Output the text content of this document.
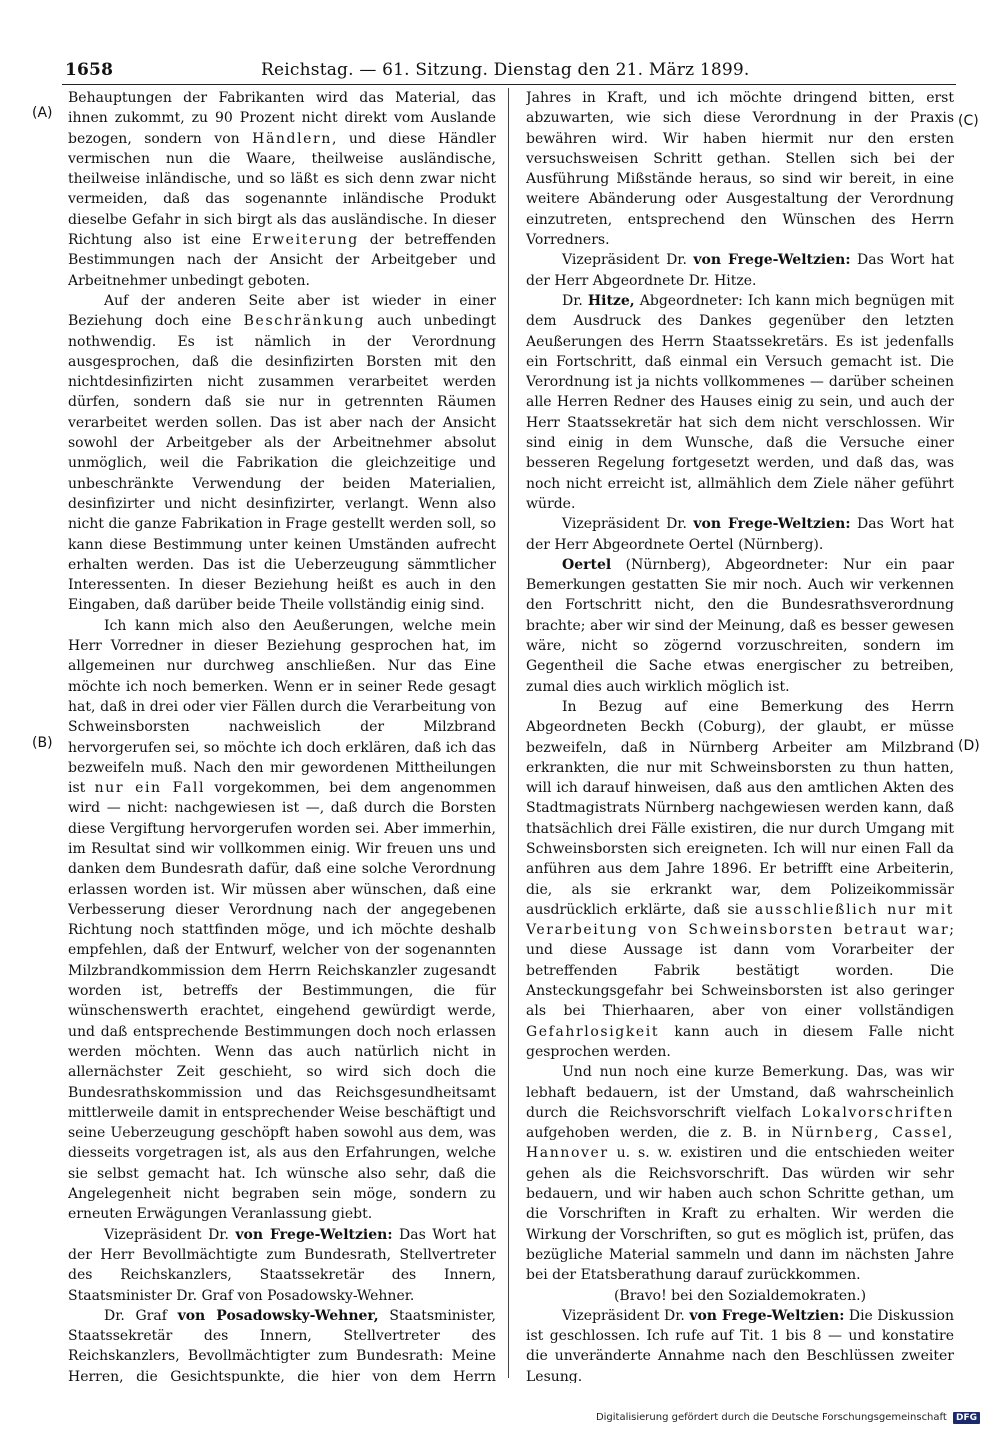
1658	Reichstag. — 61. Sitzung. Dienstag den 21. März 1899.
(A)
(B)
(C)
(D)

Behauptungen der Fabrikanten wird das Material, das ihnen zukommt, zu 90 Prozent nicht direkt vom Auslande bezogen, sondern von Händlern, und diese Händler vermischen nun die Waare, theilweise ausländische, theilweise inländische, und so läßt es sich denn zwar nicht vermeiden, daß das sogenannte inländische Produkt dieselbe Gefahr in sich birgt als das ausländische. In dieser Richtung also ist eine Erweiterung der betreffenden Bestimmungen nach der Ansicht der Arbeitgeber und Arbeitnehmer unbedingt geboten.

Auf der anderen Seite aber ist wieder in einer Beziehung doch eine Beschränkung auch unbedingt nothwendig. Es ist nämlich in der Verordnung ausgesprochen, daß die desinfizirten Borsten mit den nichtdesinfizirten nicht zusammen verarbeitet werden dürfen, sondern daß sie nur in getrennten Räumen verarbeitet werden sollen. Das ist aber nach der Ansicht sowohl der Arbeitgeber als der Arbeitnehmer absolut unmöglich, weil die Fabrikation die gleichzeitige und unbeschränkte Verwendung der beiden Materialien, desinfizirter und nicht desinfizirter, verlangt. Wenn also nicht die ganze Fabrikation in Frage gestellt werden soll, so kann diese Bestimmung unter keinen Umständen aufrecht erhalten werden. Das ist die Ueberzeugung sämmtlicher Interessenten. In dieser Beziehung heißt es auch in den Eingaben, daß darüber beide Theile vollständig einig sind.

Ich kann mich also den Aeußerungen, welche mein Herr Vorredner in dieser Beziehung gesprochen hat, im allgemeinen nur durchweg anschließen. Nur das Eine möchte ich noch bemerken. Wenn er in seiner Rede gesagt hat, daß in drei oder vier Fällen durch die Verarbeitung von Schweinsborsten nachweislich der Milzbrand hervorgerufen sei, so möchte ich doch erklären, daß ich das bezweifeln muß. Nach den mir gewordenen Mittheilungen ist nur ein Fall vorgekommen, bei dem angenommen wird — nicht: nachgewiesen ist —, daß durch die Borsten diese Vergiftung hervorgerufen worden sei. Aber immerhin, im Resultat sind wir vollkommen einig. Wir freuen uns und danken dem Bundesrath dafür, daß eine solche Verordnung erlassen worden ist. Wir müssen aber wünschen, daß eine Verbesserung dieser Verordnung nach der angegebenen Richtung noch stattfinden möge, und ich möchte deshalb empfehlen, daß der Entwurf, welcher von der sogenannten Milzbrandkommission dem Herrn Reichskanzler zugesandt worden ist, betreffs der Bestimmungen, die für wünschenswerth erachtet, eingehend gewürdigt werde, und daß entsprechende Bestimmungen doch noch erlassen werden möchten. Wenn das auch natürlich nicht in allernächster Zeit geschieht, so wird sich doch die Bundesrathskommission und das Reichsgesundheitsamt mittlerweile damit in entsprechender Weise beschäftigt und seine Ueberzeugung geschöpft haben sowohl aus dem, was diesseits vorgetragen ist, als aus den Erfahrungen, welche sie selbst gemacht hat. Ich wünsche also sehr, daß die Angelegenheit nicht begraben sein möge, sondern zu erneuten Erwägungen Veranlassung giebt.

Vizepräsident Dr. von Frege-Weltzien: Das Wort hat der Herr Bevollmächtigte zum Bundesrath, Stellvertreter des Reichskanzlers, Staatssekretär des Innern, Staatsminister Dr. Graf von Posadowsky-Wehner.

Dr. Graf von Posadowsky-Wehner, Staatsminister, Staatssekretär des Innern, Stellvertreter des Reichskanzlers, Bevollmächtigter zum Bundesrath: Meine Herren, die Gesichtspunkte, die hier von dem Herrn

Jahres in Kraft, und ich möchte dringend bitten, erst abzuwarten, wie sich diese Verordnung in der Praxis bewähren wird. Wir haben hiermit nur den ersten versuchsweisen Schritt gethan. Stellen sich bei der Ausführung Mißstände heraus, so sind wir bereit, in eine weitere Abänderung oder Ausgestaltung der Verordnung einzutreten, entsprechend den Wünschen des Herrn Vorredners.

Vizepräsident Dr. von Frege-Weltzien: Das Wort hat der Herr Abgeordnete Dr. Hitze.

Dr. Hitze, Abgeordneter: Ich kann mich begnügen mit dem Ausdruck des Dankes gegenüber den letzten Aeußerungen des Herrn Staatssekretärs. Es ist jedenfalls ein Fortschritt, daß einmal ein Versuch gemacht ist. Die Verordnung ist ja nichts vollkommenes — darüber scheinen alle Herren Redner des Hauses einig zu sein, und auch der Herr Staatssekretär hat sich dem nicht verschlossen. Wir sind einig in dem Wunsche, daß die Versuche einer besseren Regelung fortgesetzt werden, und daß das, was noch nicht erreicht ist, allmählich dem Ziele näher geführt würde.

Vizepräsident Dr. von Frege-Weltzien: Das Wort hat der Herr Abgeordnete Oertel (Nürnberg).

Oertel (Nürnberg), Abgeordneter: Nur ein paar Bemerkungen gestatten Sie mir noch. Auch wir verkennen den Fortschritt nicht, den die Bundesrathsverordnung brachte; aber wir sind der Meinung, daß es besser gewesen wäre, nicht so zögernd vorzuschreiten, sondern im Gegentheil die Sache etwas energischer zu betreiben, zumal dies auch wirklich möglich ist.

In Bezug auf eine Bemerkung des Herrn Abgeordneten Beckh (Coburg), der glaubt, er müsse bezweifeln, daß in Nürnberg Arbeiter am Milzbrand erkrankten, die nur mit Schweinsborsten zu thun hatten, will ich darauf hinweisen, daß aus den amtlichen Akten des Stadtmagistrats Nürnberg nachgewiesen werden kann, daß thatsächlich drei Fälle existiren, die nur durch Umgang mit Schweinsborsten sich ereigneten. Ich will nur einen Fall da anführen aus dem Jahre 1896. Er betrifft eine Arbeiterin, die, als sie erkrankt war, dem Polizeikommissär ausdrücklich erklärte, daß sie ausschließlich nur mit Verarbeitung von Schweinsborsten betraut war; und diese Aussage ist dann vom Vorarbeiter der betreffenden Fabrik bestätigt worden. Die Ansteckungsgefahr bei Schweinsborsten ist also geringer als bei Thierhaaren, aber von einer vollständigen Gefahrlosigkeit kann auch in diesem Falle nicht gesprochen werden.

Und nun noch eine kurze Bemerkung. Das, was wir lebhaft bedauern, ist der Umstand, daß wahrscheinlich durch die Reichsvorschrift vielfach Lokalvorschriften aufgehoben werden, die z. B. in Nürnberg, Cassel, Hannover u. s. w. existiren und die entschieden weiter gehen als die Reichsvorschrift. Das würden wir sehr bedauern, und wir haben auch schon Schritte gethan, um die Vorschriften in Kraft zu erhalten. Wir werden die Wirkung der Vorschriften, so gut es möglich ist, prüfen, das bezügliche Material sammeln und dann im nächsten Jahre bei der Etatsberathung darauf zurückkommen.

(Bravo! bei den Sozialdemokraten.)

Vizepräsident Dr. von Frege-Weltzien: Die Diskussion ist geschlossen. Ich rufe auf Tit. 1 bis 8 — und konstatire die unveränderte Annahme nach den Beschlüssen zweiter Lesung.

Digitalisierung gefördert durch die Deutsche Forschungsgemeinschaft DFG
